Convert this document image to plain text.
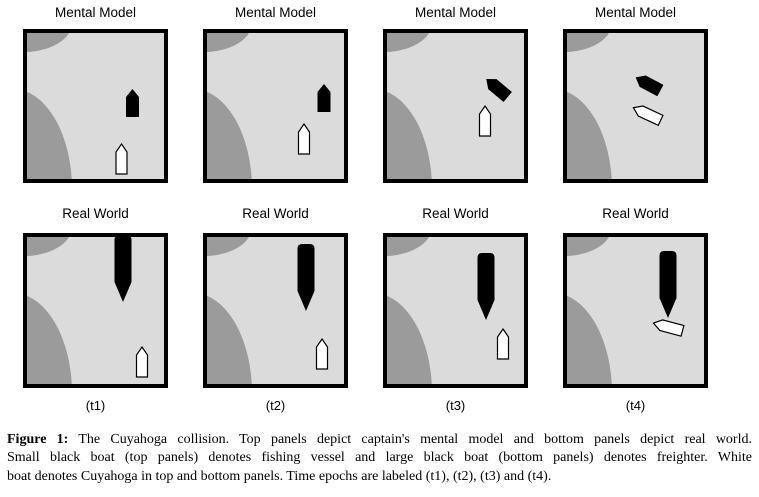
Figure 1: The Cuyahoga collision. Top panels depict captain's mental model and bottom panels depict real world.
Small black boat (top panels) denotes fishing vessel and large black boat (bottom panels) denotes freighter. White
boat denotes Cuyahoga in top and bottom panels. Time epochs are labeled (t1), (t2), (t3) and (t4).
Mental Model	Mental Model	Mental Model	Mental Model
Real World
(t1)
Real World
(t2)
Real World
(t3)
Real World
(t4)
